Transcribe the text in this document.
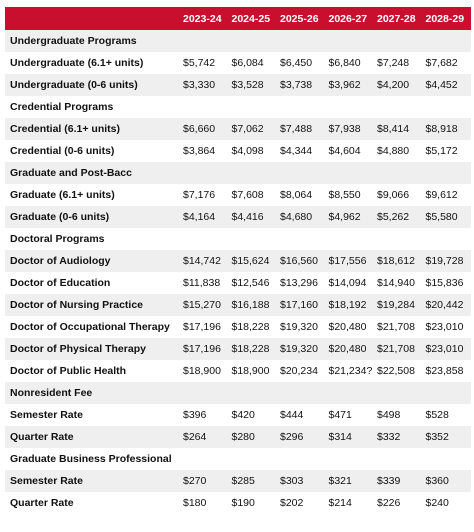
	2023-24	2024-25	2025-26	2026-27	2027-28	2028-29
Undergraduate Programs						
Undergraduate (6.1+ units)	$5,742	$6,084	$6,450	$6,840	$7,248	$7,682
Undergraduate (0-6 units)	$3,330	$3,528	$3,738	$3,962	$4,200	$4,452
Credential Programs						
Credential (6.1+ units)	$6,660	$7,062	$7,488	$7,938	$8,414	$8,918
Credential (0-6 units)	$3,864	$4,098	$4,344	$4,604	$4,880	$5,172
Graduate and Post-Bacc						
Graduate (6.1+ units)	$7,176	$7,608	$8,064	$8,550	$9,066	$9,612
Graduate (0-6 units)	$4,164	$4,416	$4,680	$4,962	$5,262	$5,580
Doctoral Programs						
Doctor of Audiology	$14,742	$15,624	$16,560	$17,556	$18,612	$19,728
Doctor of Education	$11,838	$12,546	$13,296	$14,094	$14,940	$15,836
Doctor of Nursing Practice	$15,270	$16,188	$17,160	$18,192	$19,284	$20,442
Doctor of Occupational Therapy	$17,196	$18,228	$19,320	$20,480	$21,708	$23,010
Doctor of Physical Therapy	$17,196	$18,228	$19,320	$20,480	$21,708	$23,010
Doctor of Public Health	$18,900	$18,900	$20,234	$21,234?	$22,508	$23,858
Nonresident Fee						
Semester Rate	$396	$420	$444	$471	$498	$528
Quarter Rate	$264	$280	$296	$314	$332	$352
Graduate Business Professional						
Semester Rate	$270	$285	$303	$321	$339	$360
Quarter Rate	$180	$190	$202	$214	$226	$240
